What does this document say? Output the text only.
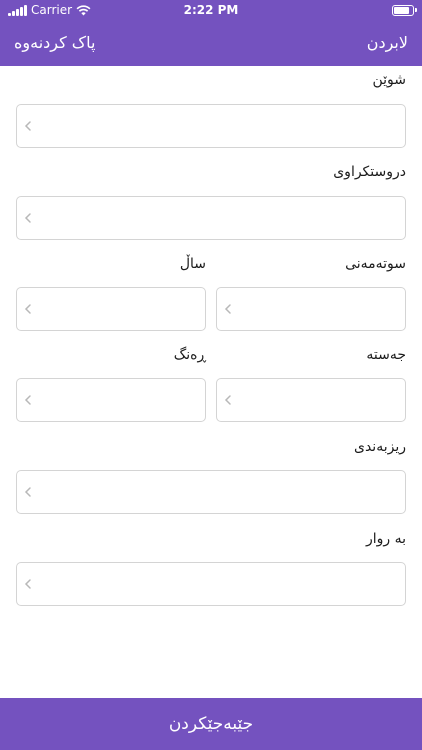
Carrier	2:22 PM
پاک کردنەوە	لابردن
شوێن
دروستکراوی
سوتەمەنی
ساڵ
جەستە
ڕەنگ
ریزبەندی
بە روار
جێبەجێکردن
